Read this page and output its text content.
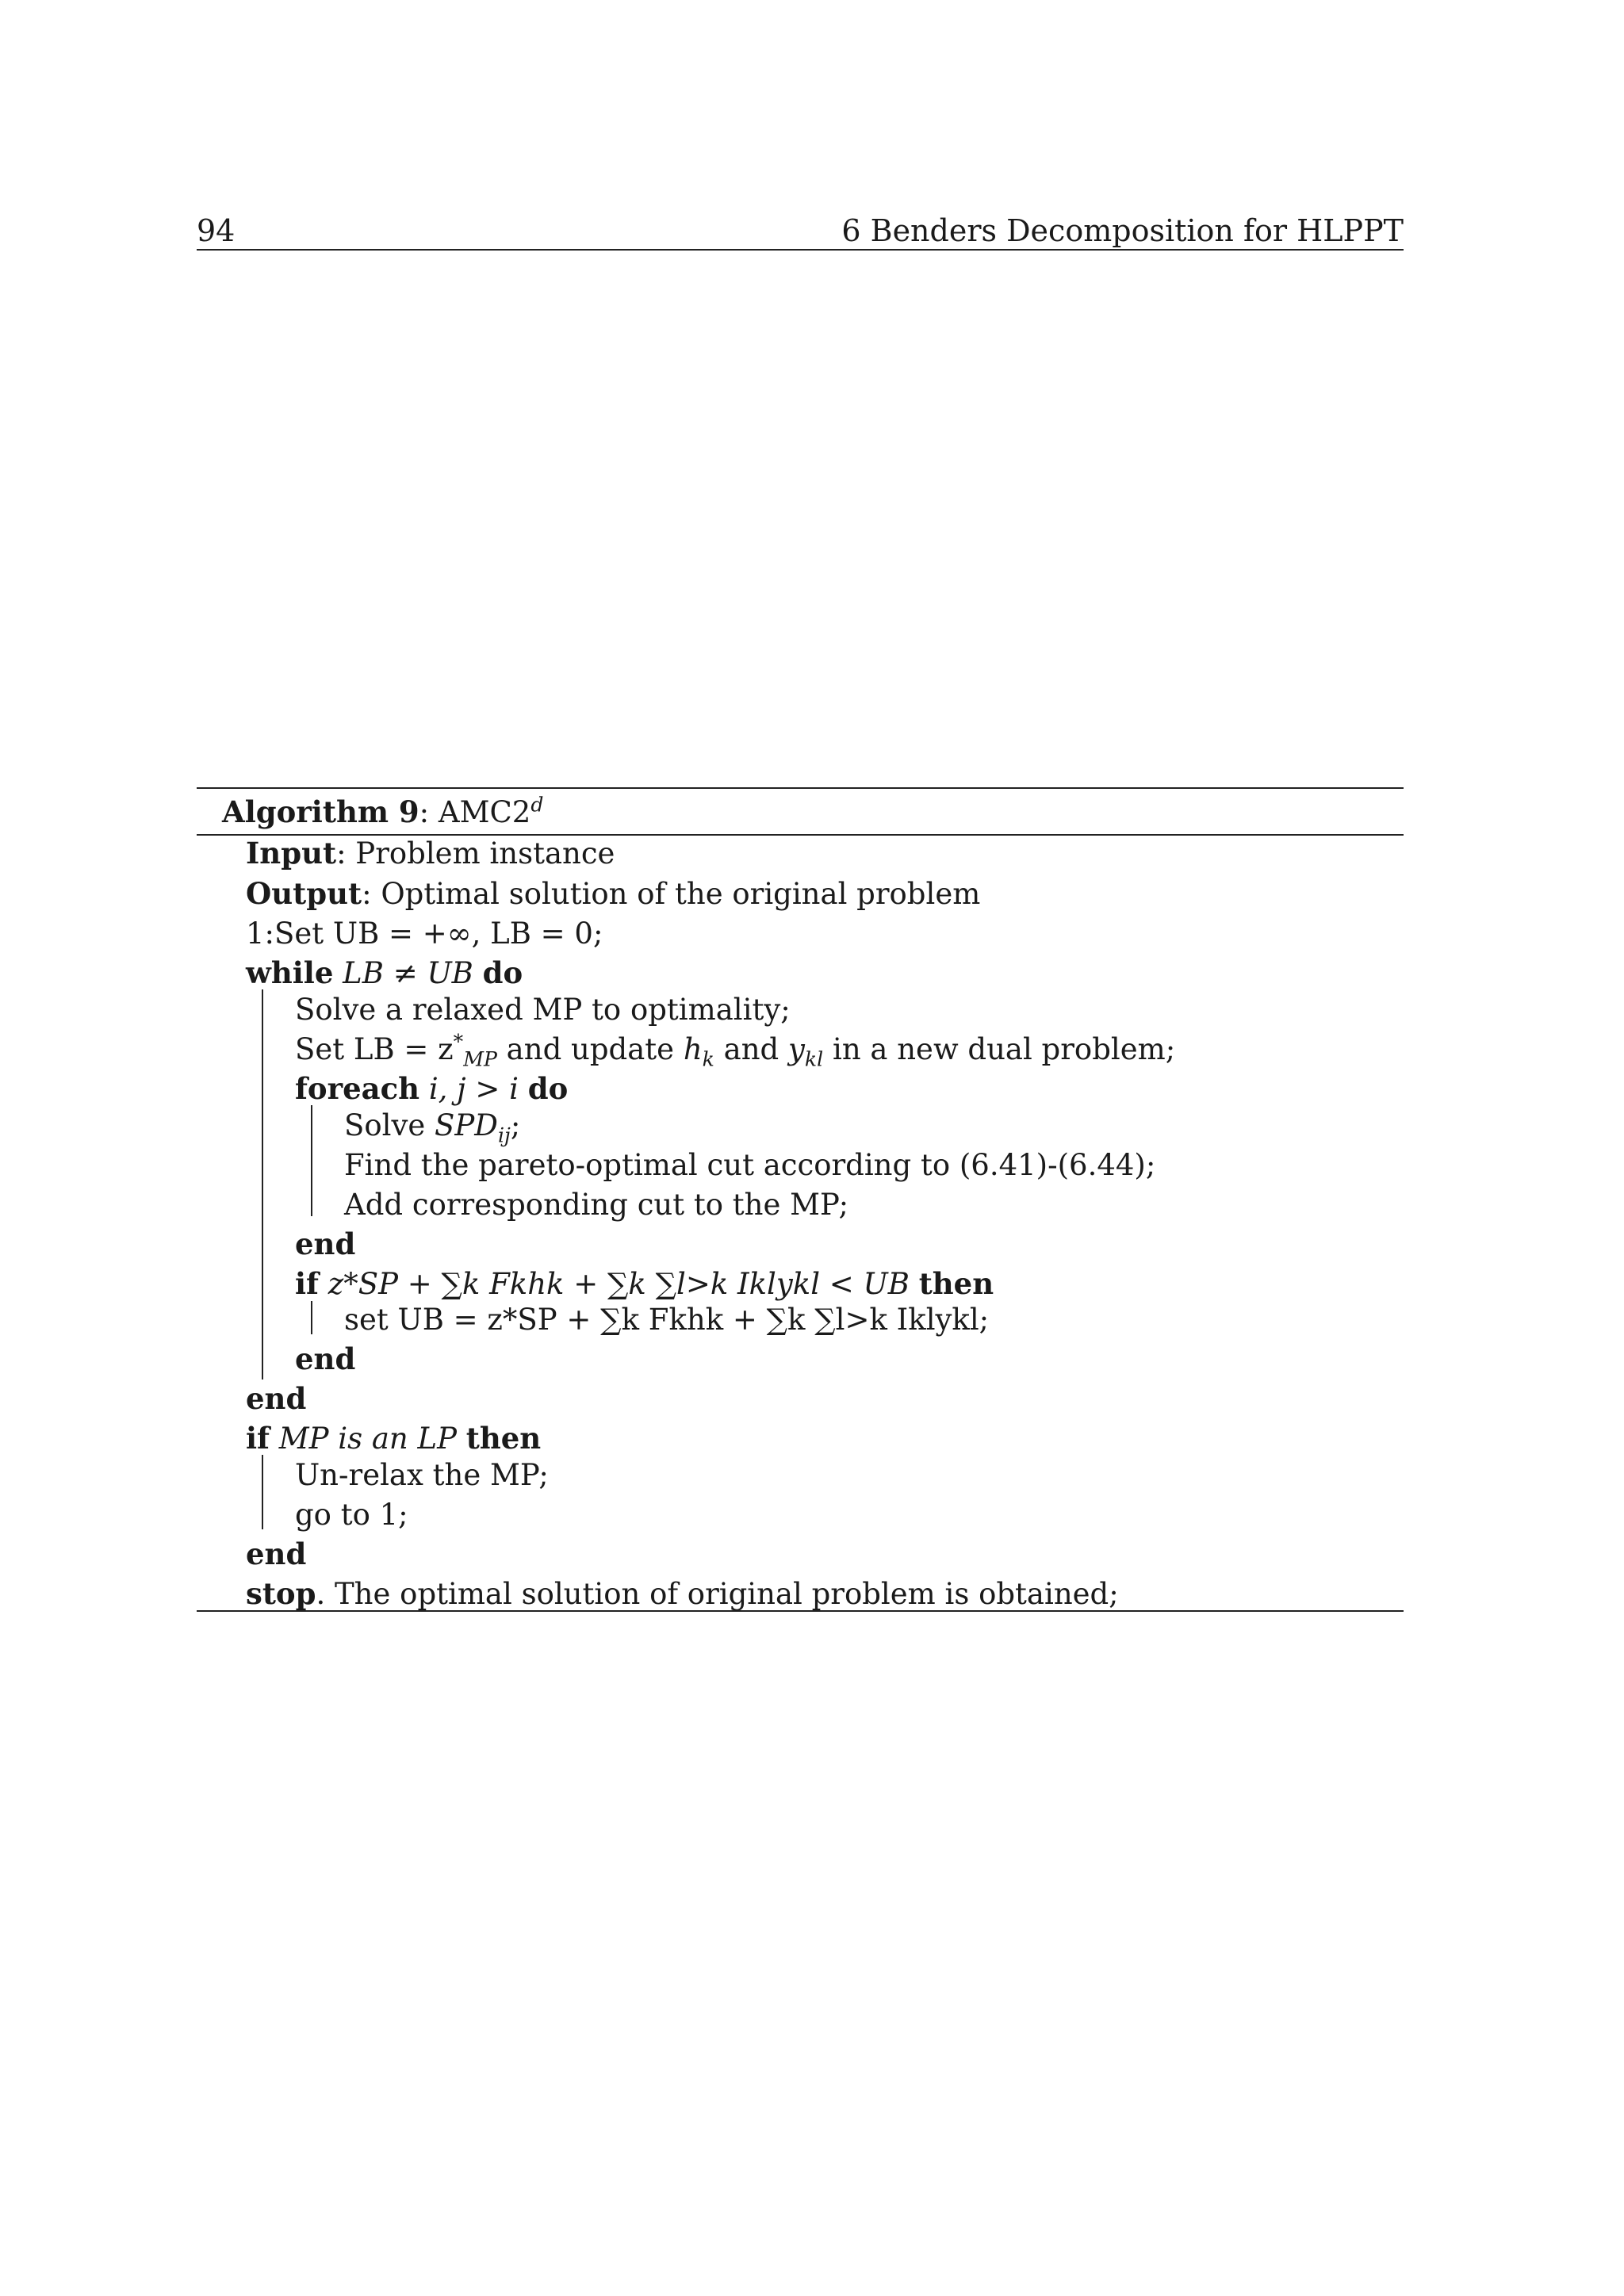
94	6 Benders Decomposition for HLPPT
Algorithm 9: AMC2$^d$
Input: Problem instance
Output: Optimal solution of the original problem
1:Set UB = +∞, LB = 0;
while LB ≠ UB do
Solve a relaxed MP to optimality;
Set LB = $z^*_{MP}$ and update $h_k$ and $y_{kl}$ in a new dual problem;
foreach i, j > i do
Solve $SPD_{ij}$;
Find the pareto-optimal cut according to (6.41)-(6.44);
Add corresponding cut to the MP;
end
if z*SP + ∑k Fkhk + ∑k ∑l>k Iklykl < UB then
set UB = z*SP + ∑k Fkhk + ∑k ∑l>k Iklykl;
end
end
if MP is an LP then
Un-relax the MP;
go to 1;
end
stop. The optimal solution of original problem is obtained;
